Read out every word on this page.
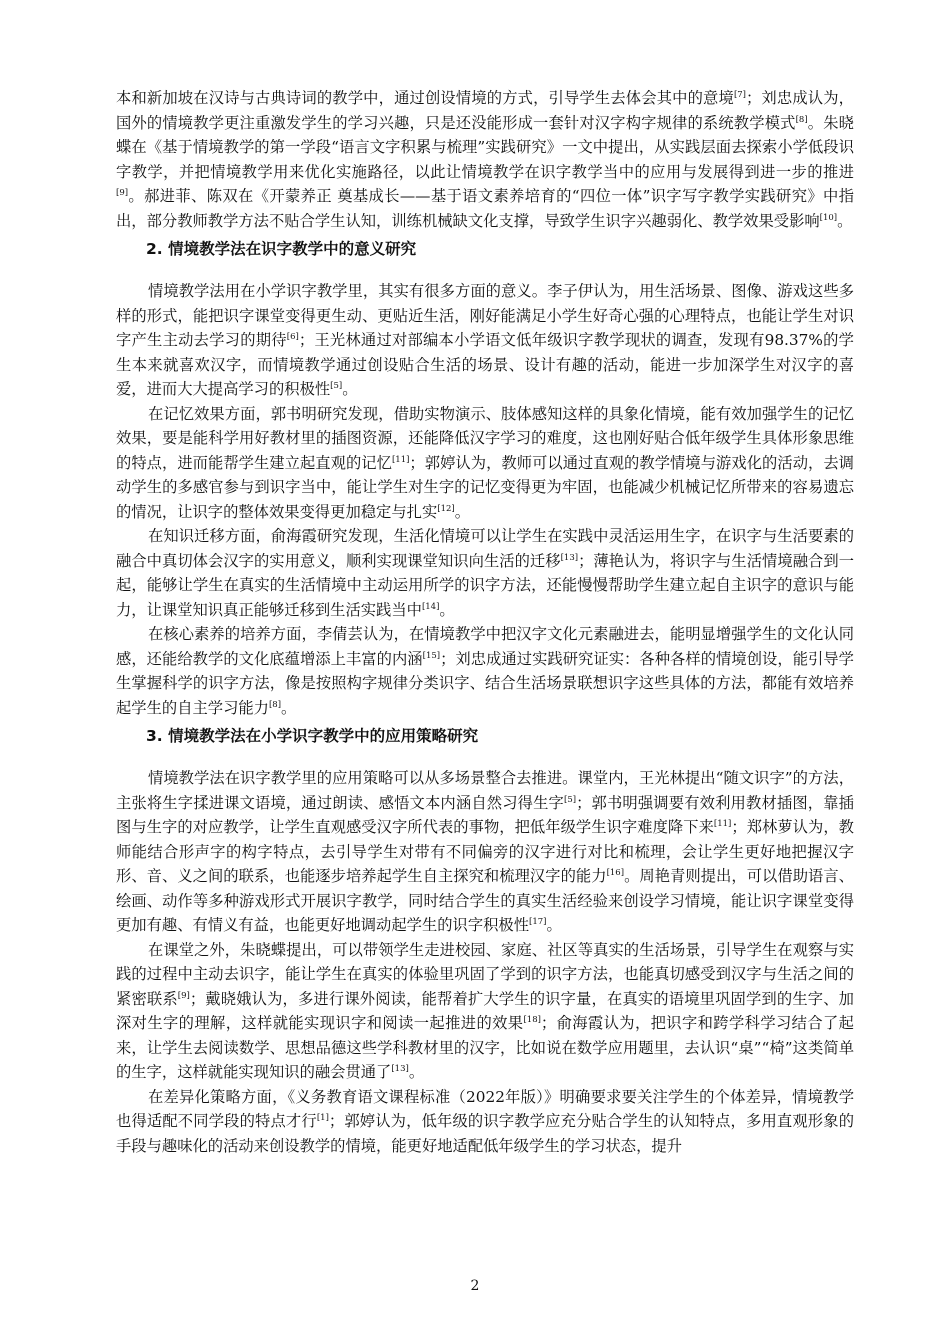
本和新加坡在汉诗与古典诗词的教学中，通过创设情境的方式，引导学生去体会其中的意境[7]；刘忠成认为，国外的情境教学更注重激发学生的学习兴趣，只是还没能形成一套针对汉字构字规律的系统教学模式[8]。朱晓蝶在《基于情境教学的第一学段“语言文字积累与梳理”实践研究》一文中提出，从实践层面去探索小学低段识字教学，并把情境教学用来优化实施路径，以此让情境教学在识字教学当中的应用与发展得到进一步的推进[9]。郝进菲、陈双在《开蒙养正 奠基成长——基于语文素养培育的“四位一体”识字写字教学实践研究》中指出，部分教师教学方法不贴合学生认知，训练机械缺文化支撑，导致学生识字兴趣弱化、教学效果受影响[10]。

2. 情境教学法在识字教学中的意义研究

情境教学法用在小学识字教学里，其实有很多方面的意义。李子伊认为，用生活场景、图像、游戏这些多样的形式，能把识字课堂变得更生动、更贴近生活，刚好能满足小学生好奇心强的心理特点，也能让学生对识字产生主动去学习的期待[6]；王光林通过对部编本小学语文低年级识字教学现状的调查，发现有98.37%的学生本来就喜欢汉字，而情境教学通过创设贴合生活的场景、设计有趣的活动，能进一步加深学生对汉字的喜爱，进而大大提高学习的积极性[5]。

在记忆效果方面，郭书明研究发现，借助实物演示、肢体感知这样的具象化情境，能有效加强学生的记忆效果，要是能科学用好教材里的插图资源，还能降低汉字学习的难度，这也刚好贴合低年级学生具体形象思维的特点，进而能帮学生建立起直观的记忆[11]；郭婷认为，教师可以通过直观的教学情境与游戏化的活动，去调动学生的多感官参与到识字当中，能让学生对生字的记忆变得更为牢固，也能减少机械记忆所带来的容易遗忘的情况，让识字的整体效果变得更加稳定与扎实[12]。

在知识迁移方面，俞海霞研究发现，生活化情境可以让学生在实践中灵活运用生字，在识字与生活要素的融合中真切体会汉字的实用意义，顺利实现课堂知识向生活的迁移[13]；薄艳认为，将识字与生活情境融合到一起，能够让学生在真实的生活情境中主动运用所学的识字方法，还能慢慢帮助学生建立起自主识字的意识与能力，让课堂知识真正能够迁移到生活实践当中[14]。

在核心素养的培养方面，李倩芸认为，在情境教学中把汉字文化元素融进去，能明显增强学生的文化认同感，还能给教学的文化底蕴增添上丰富的内涵[15]；刘忠成通过实践研究证实：各种各样的情境创设，能引导学生掌握科学的识字方法，像是按照构字规律分类识字、结合生活场景联想识字这些具体的方法，都能有效培养起学生的自主学习能力[8]。

3. 情境教学法在小学识字教学中的应用策略研究

情境教学法在识字教学里的应用策略可以从多场景整合去推进。课堂内，王光林提出“随文识字”的方法，主张将生字揉进课文语境，通过朗读、感悟文本内涵自然习得生字[5]；郭书明强调要有效利用教材插图，靠插图与生字的对应教学，让学生直观感受汉字所代表的事物，把低年级学生识字难度降下来[11]；郑林萝认为，教师能结合形声字的构字特点，去引导学生对带有不同偏旁的汉字进行对比和梳理，会让学生更好地把握汉字形、音、义之间的联系，也能逐步培养起学生自主探究和梳理汉字的能力[16]。周艳青则提出，可以借助语言、绘画、动作等多种游戏形式开展识字教学，同时结合学生的真实生活经验来创设学习情境，能让识字课堂变得更加有趣、有情义有益，也能更好地调动起学生的识字积极性[17]。

在课堂之外，朱晓蝶提出，可以带领学生走进校园、家庭、社区等真实的生活场景，引导学生在观察与实践的过程中主动去识字，能让学生在真实的体验里巩固了学到的识字方法，也能真切感受到汉字与生活之间的紧密联系[9]；戴晓娥认为，多进行课外阅读，能帮着扩大学生的识字量，在真实的语境里巩固学到的生字、加深对生字的理解，这样就能实现识字和阅读一起推进的效果[18]；俞海霞认为，把识字和跨学科学习结合了起来，让学生去阅读数学、思想品德这些学科教材里的汉字，比如说在数学应用题里，去认识“桌”“椅”这类简单的生字，这样就能实现知识的融会贯通了[13]。

在差异化策略方面，《义务教育语文课程标准（2022年版）》明确要求要关注学生的个体差异，情境教学也得适配不同学段的特点才行[1]；郭婷认为，低年级的识字教学应充分贴合学生的认知特点，多用直观形象的手段与趣味化的活动来创设教学的情境，能更好地适配低年级学生的学习状态，提升

2
